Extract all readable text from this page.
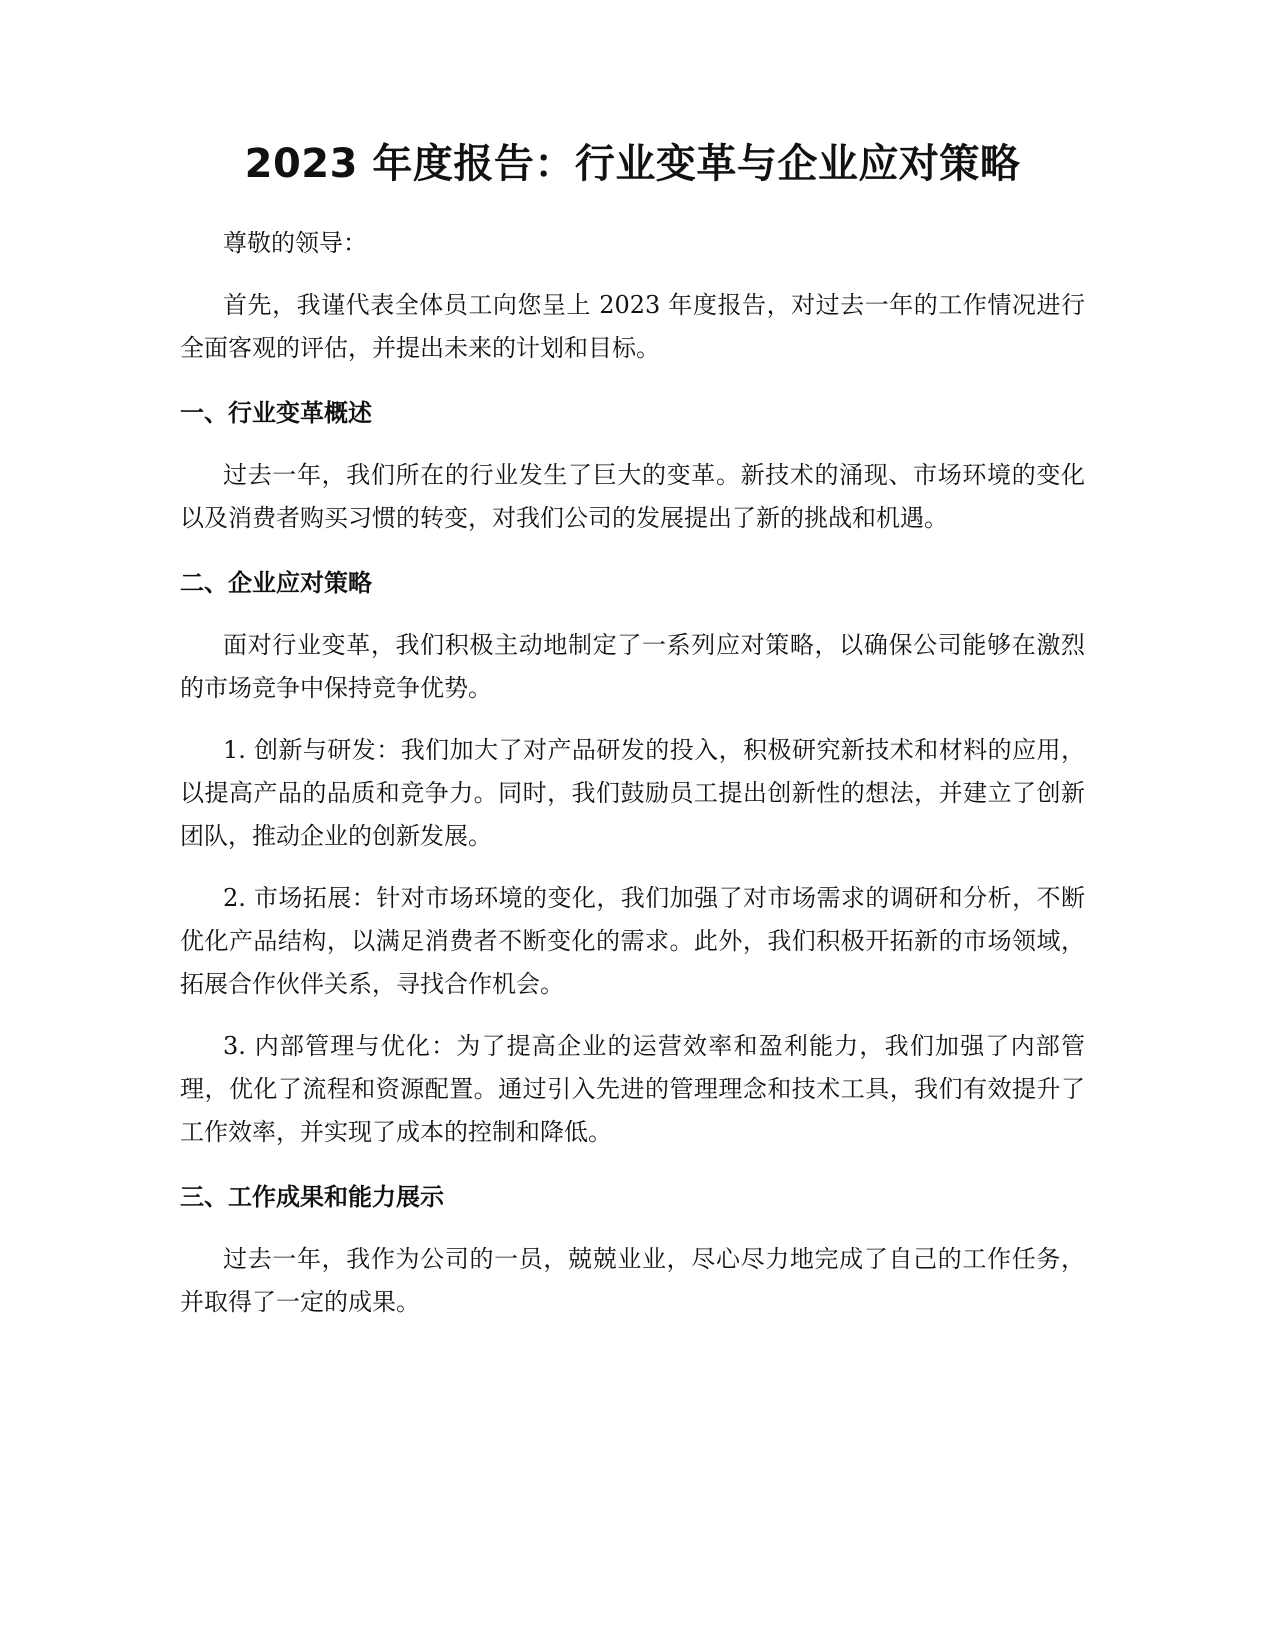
2023 年度报告：行业变革与企业应对策略

尊敬的领导：

首先，我谨代表全体员工向您呈上 2023 年度报告，对过去一年的工作情况进行全面客观的评估，并提出未来的计划和目标。

一、行业变革概述

过去一年，我们所在的行业发生了巨大的变革。新技术的涌现、市场环境的变化以及消费者购买习惯的转变，对我们公司的发展提出了新的挑战和机遇。

二、企业应对策略

面对行业变革，我们积极主动地制定了一系列应对策略，以确保公司能够在激烈的市场竞争中保持竞争优势。

1. 创新与研发：我们加大了对产品研发的投入，积极研究新技术和材料的应用，以提高产品的品质和竞争力。同时，我们鼓励员工提出创新性的想法，并建立了创新团队，推动企业的创新发展。

2. 市场拓展：针对市场环境的变化，我们加强了对市场需求的调研和分析，不断优化产品结构，以满足消费者不断变化的需求。此外，我们积极开拓新的市场领域，拓展合作伙伴关系，寻找合作机会。

3. 内部管理与优化：为了提高企业的运营效率和盈利能力，我们加强了内部管理，优化了流程和资源配置。通过引入先进的管理理念和技术工具，我们有效提升了工作效率，并实现了成本的控制和降低。

三、工作成果和能力展示

过去一年，我作为公司的一员，兢兢业业，尽心尽力地完成了自己的工作任务，并取得了一定的成果。
